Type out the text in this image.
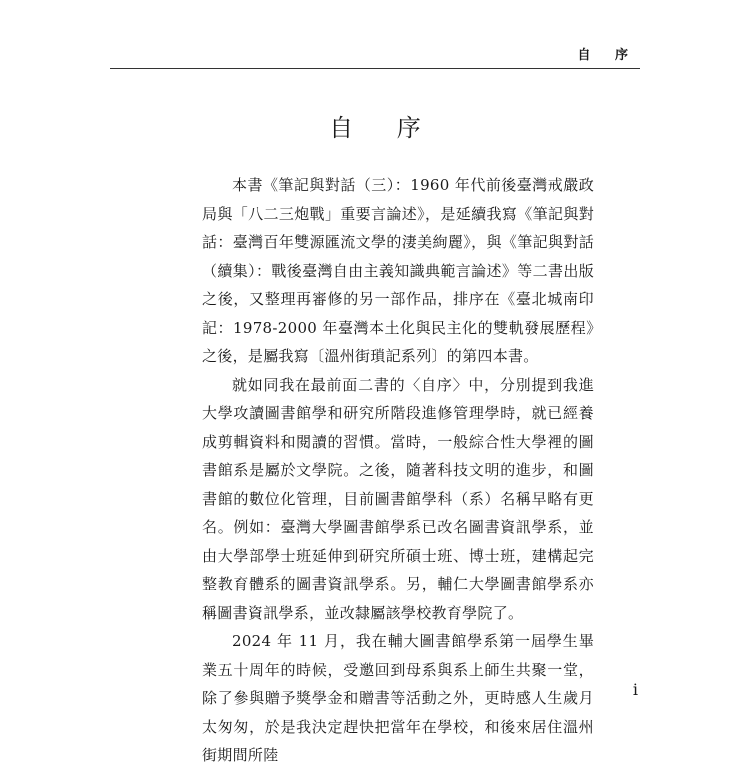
自 序
自 序

本書《筆記與對話（三）：1960 年代前後臺灣戒嚴政局與「八二三炮戰」重要言論述》，是延續我寫《筆記與對話：臺灣百年雙源匯流文學的淒美絢麗》，與《筆記與對話（續集）：戰後臺灣自由主義知識典範言論述》等二書出版之後，又整理再審修的另一部作品，排序在《臺北城南印記：1978-2000 年臺灣本土化與民主化的雙軌發展歷程》之後，是屬我寫〔溫州街瑣記系列〕的第四本書。

就如同我在最前面二書的〈自序〉中，分別提到我進大學攻讀圖書館學和研究所階段進修管理學時，就已經養成剪輯資料和閱讀的習慣。當時，一般綜合性大學裡的圖書館系是屬於文學院。之後，隨著科技文明的進步，和圖書館的數位化管理，目前圖書館學科（系）名稱早略有更名。例如：臺灣大學圖書館學系已改名圖書資訊學系，並由大學部學士班延伸到研究所碩士班、博士班，建構起完整教育體系的圖書資訊學系。另，輔仁大學圖書館學系亦稱圖書資訊學系，並改隸屬該學校教育學院了。

2024 年 11 月，我在輔大圖書館學系第一屆學生畢業五十周年的時候，受邀回到母系與系上師生共聚一堂，除了參與贈予獎學金和贈書等活動之外，更時感人生歲月太匆匆，於是我決定趕快把當年在學校，和後來居住溫州街期間所陸

i
